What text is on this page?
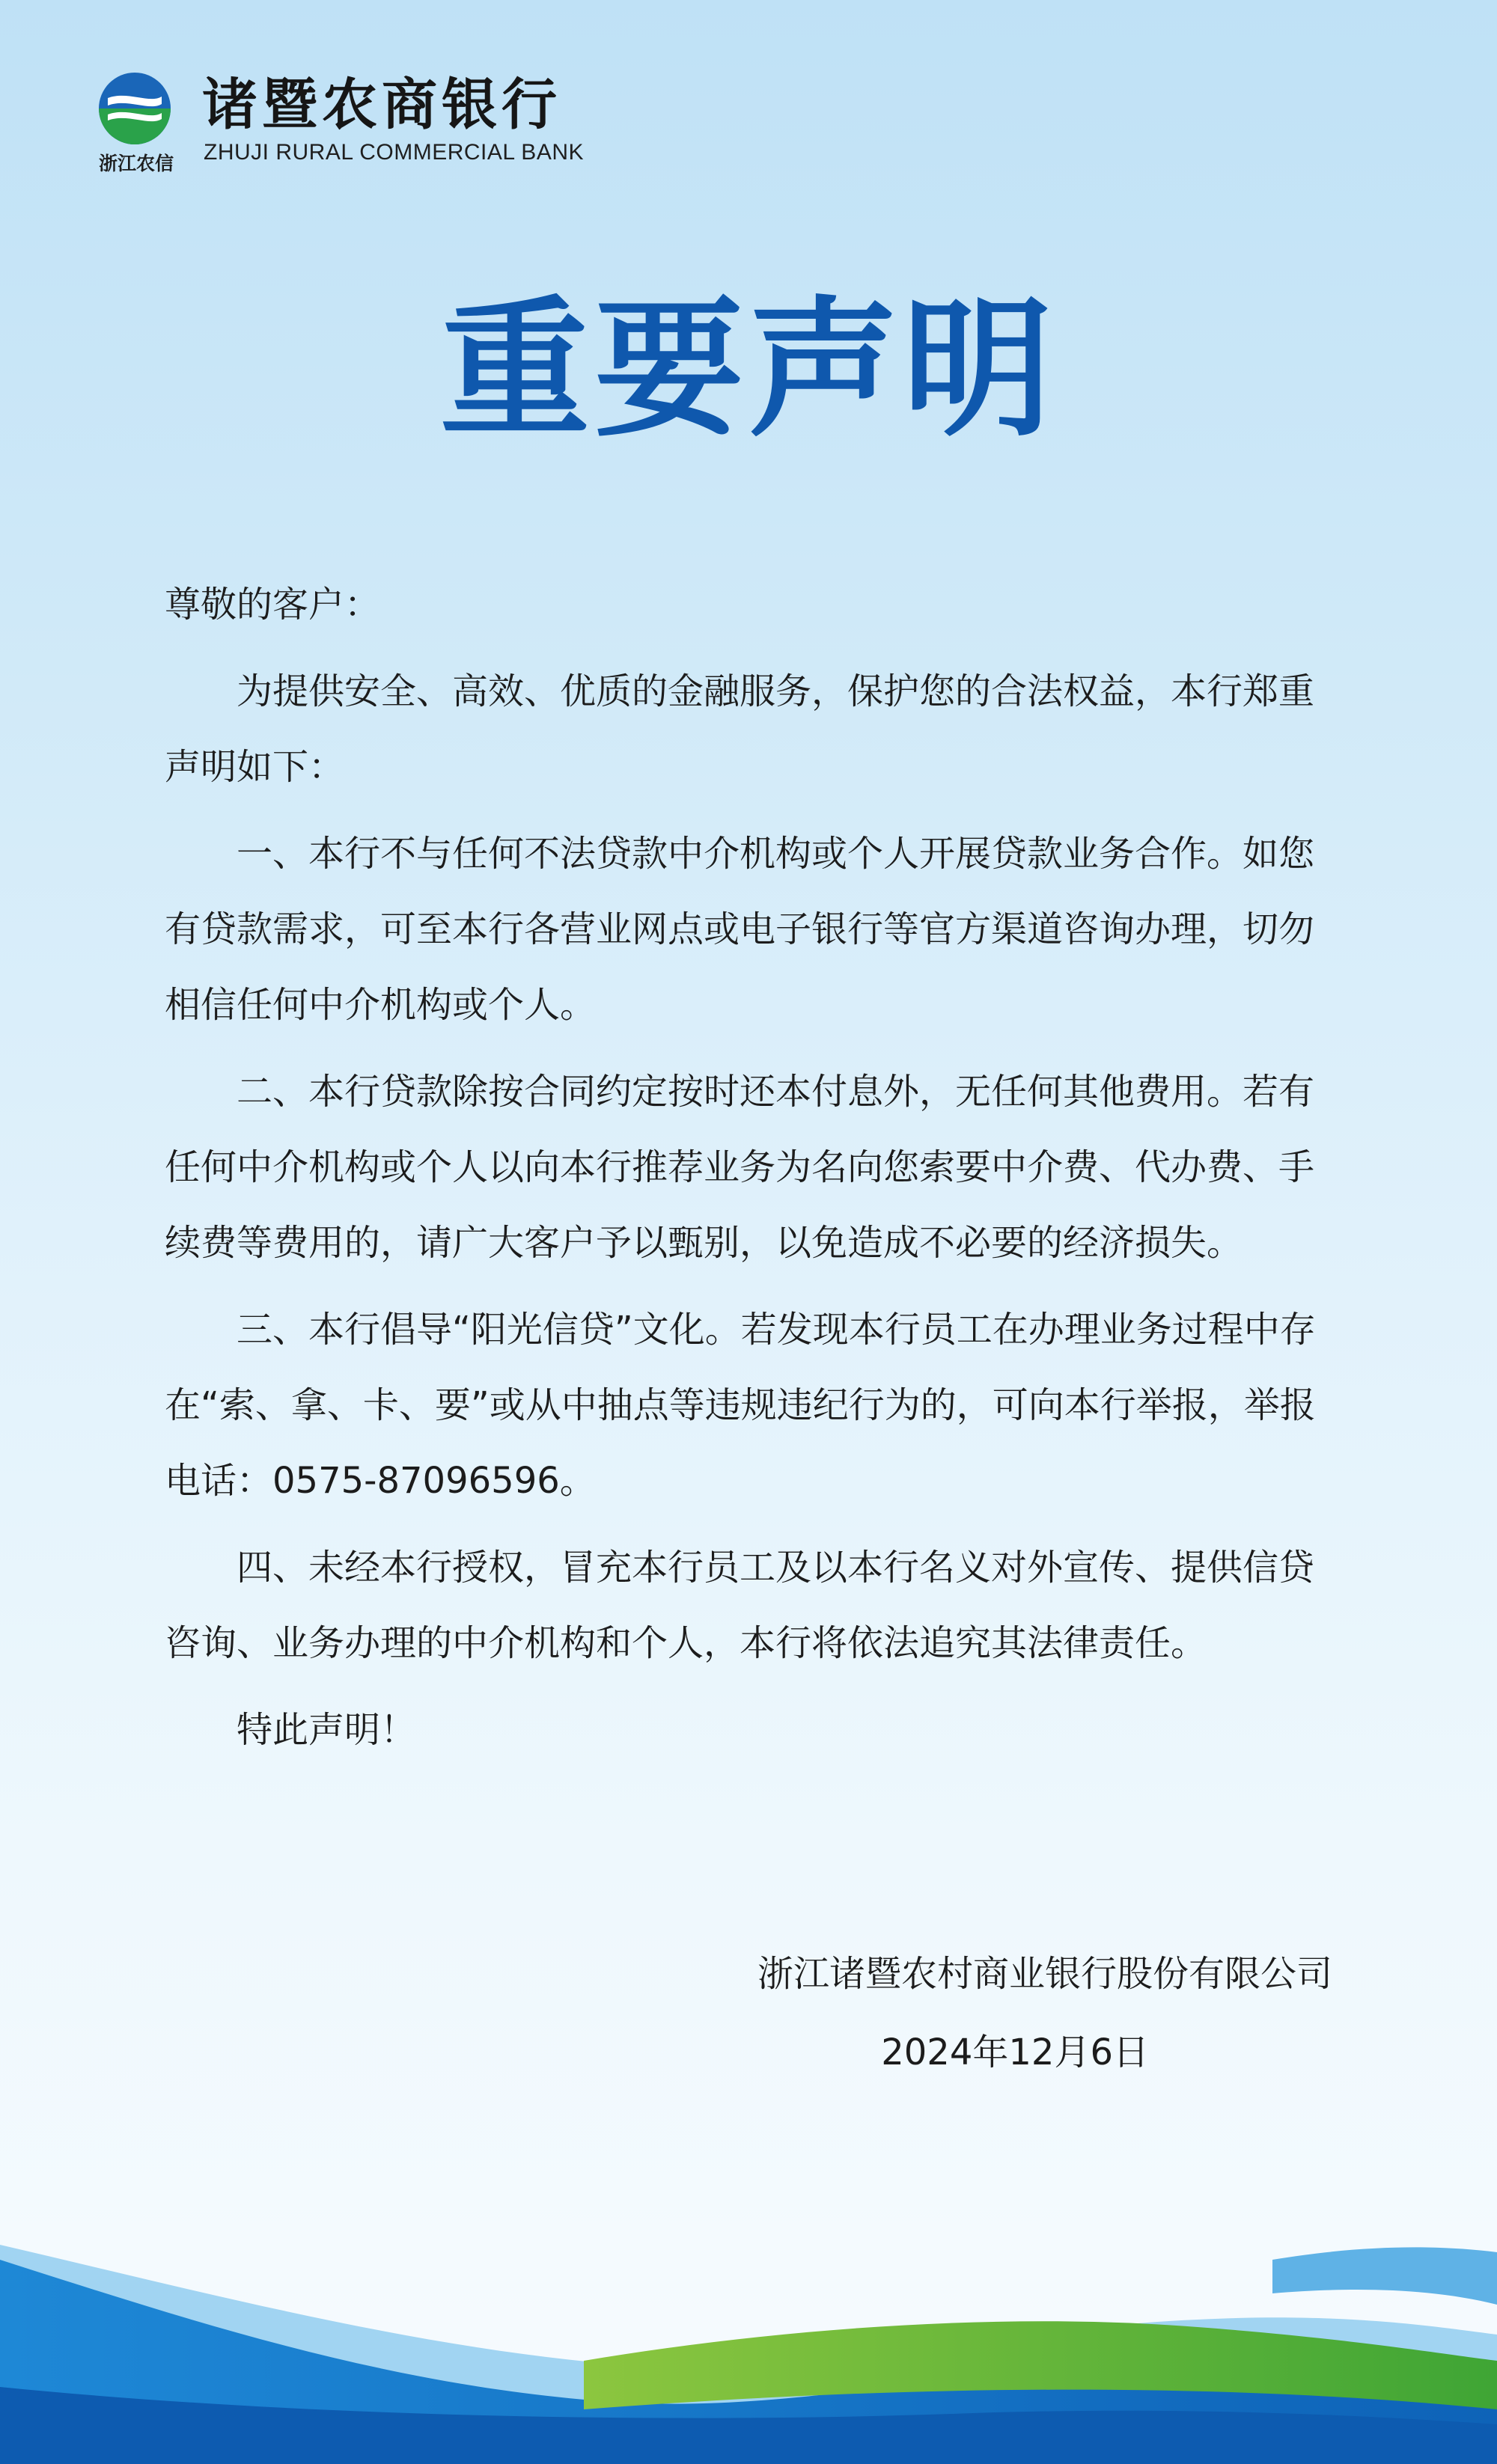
浙江农信
诸暨农商银行
ZHUJI RURAL COMMERCIAL BANK
重要声明

尊敬的客户：

为提供安全、高效、优质的金融服务，保护您的合法权益，本行郑重声明如下：

一、本行不与任何不法贷款中介机构或个人开展贷款业务合作。如您有贷款需求，可至本行各营业网点或电子银行等官方渠道咨询办理，切勿相信任何中介机构或个人。

二、本行贷款除按合同约定按时还本付息外，无任何其他费用。若有任何中介机构或个人以向本行推荐业务为名向您索要中介费、代办费、手续费等费用的，请广大客户予以甄别，以免造成不必要的经济损失。

三、本行倡导“阳光信贷”文化。若发现本行员工在办理业务过程中存在“索、拿、卡、要”或从中抽点等违规违纪行为的，可向本行举报，举报电话：0575-87096596。

四、未经本行授权，冒充本行员工及以本行名义对外宣传、提供信贷咨询、业务办理的中介机构和个人，本行将依法追究其法律责任。

特此声明！

浙江诸暨农村商业银行股份有限公司
2024年12月6日
